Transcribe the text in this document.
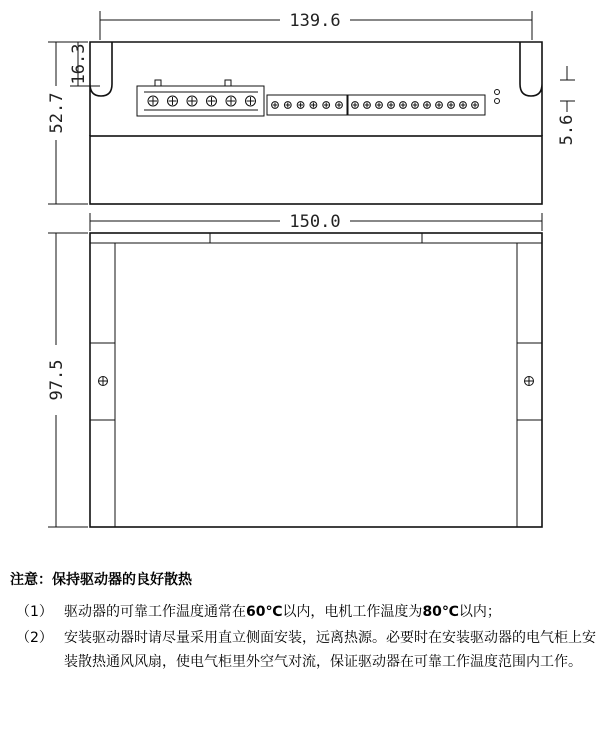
139.6
52.7
16.3
5.6
150.0
97.5
注意：保持驱动器的良好散热
（1） 驱动器的可靠工作温度通常在60℃以内，电机工作温度为80℃以内；
（2） 安装驱动器时请尽量采用直立侧面安装，远离热源。必要时在安装驱动器的电气柜上安装散热通风风扇，使电气柜里外空气对流，保证驱动器在可靠工作温度范围内工作。
